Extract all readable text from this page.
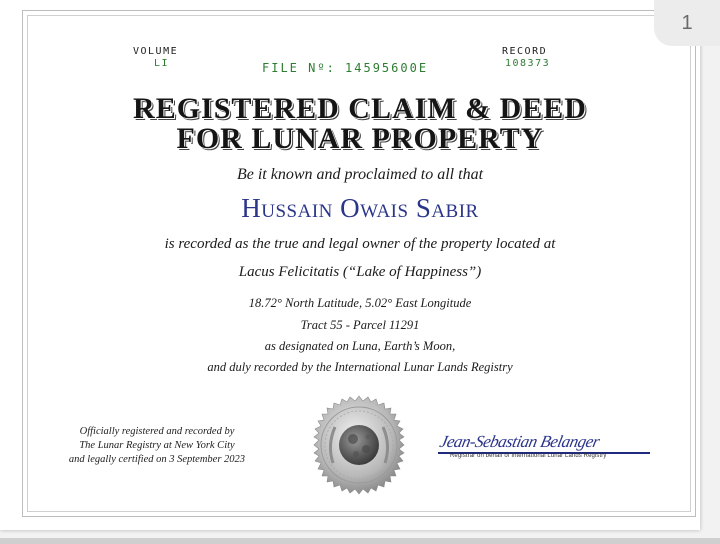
VOLUME
LI	FILE Nº: 14595600E
RECORD
108373
REGISTERED CLAIM & DEED
FOR LUNAR PROPERTY
Be it known and proclaimed to all that
Hussain Owais Sabir
is recorded as the true and legal owner of the property located at
Lacus Felicitatis (“Lake of Happiness”)
18.72° North Latitude, 5.02° East Longitude
Tract 55 - Parcel 11291
as designated on Luna, Earth’s Moon,
and duly recorded by the International Lunar Lands Registry
Officially registered and recorded by
The Lunar Registry at New York City
and legally certified on 3 September 2023
Jean-Sebastian Belanger
Registrar on behalf of International Lunar Lands Registry
1
